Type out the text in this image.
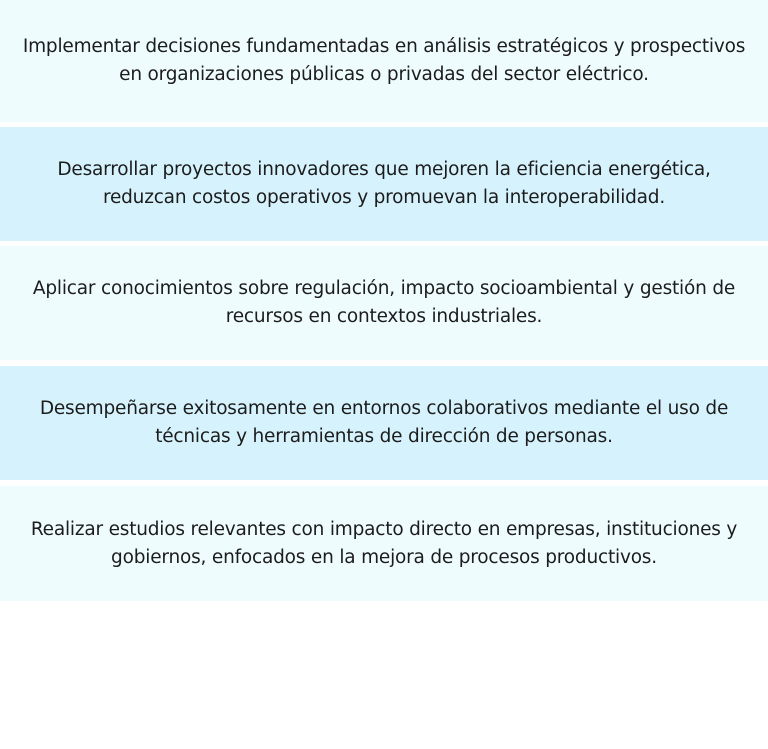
Implementar decisiones fundamentadas en análisis estratégicos y prospectivos
en organizaciones públicas o privadas del sector eléctrico.

Desarrollar proyectos innovadores que mejoren la eficiencia energética,
reduzcan costos operativos y promuevan la interoperabilidad.

Aplicar conocimientos sobre regulación, impacto socioambiental y gestión de
recursos en contextos industriales.

Desempeñarse exitosamente en entornos colaborativos mediante el uso de
técnicas y herramientas de dirección de personas.

Realizar estudios relevantes con impacto directo en empresas, instituciones y
gobiernos, enfocados en la mejora de procesos productivos.
